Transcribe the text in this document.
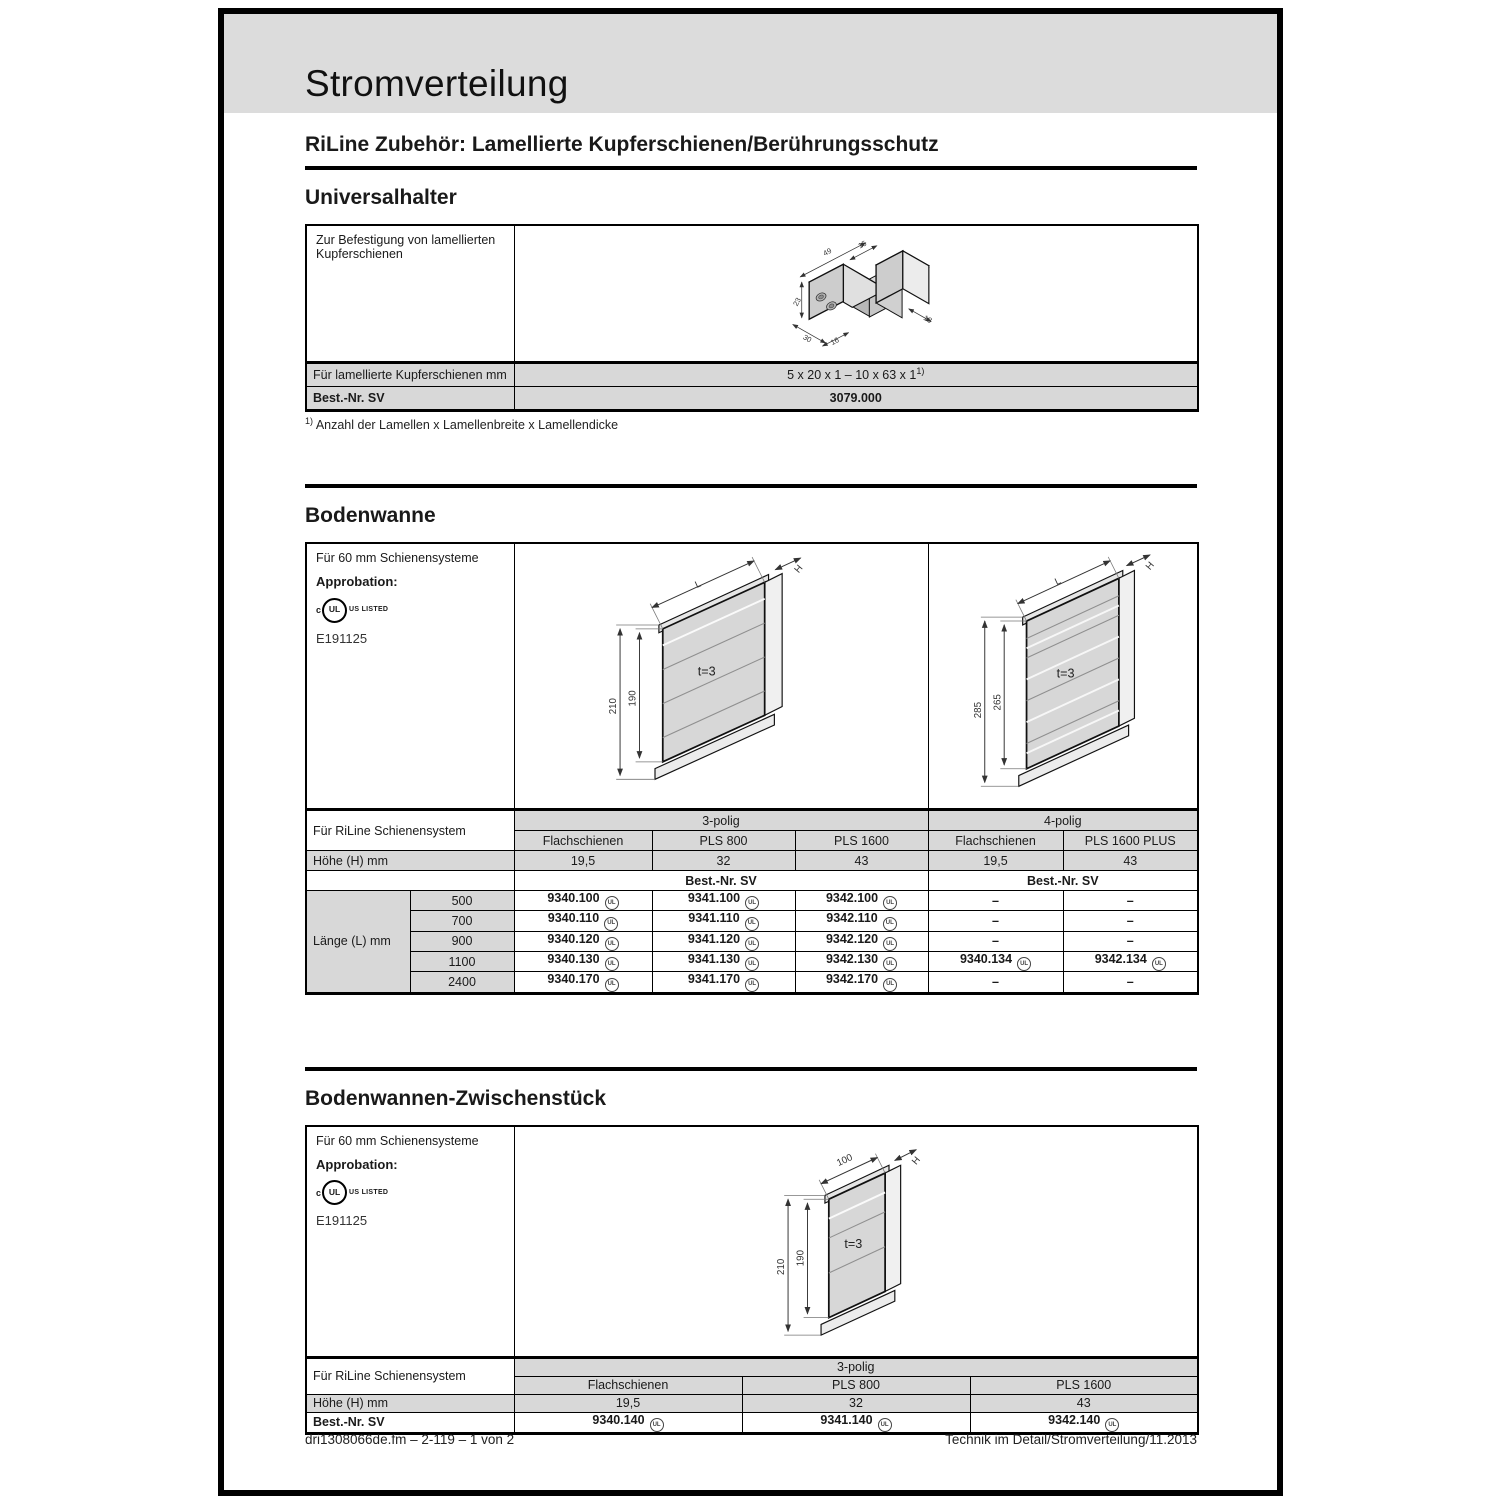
Stromverteilung
RiLine Zubehör: Lamellierte Kupferschienen/Berührungsschutz
Universalhalter
Zur Befestigung von lamellierten Kupferschienen	49
15
23
18
30 16

Für lamellierte Kupferschienen mm	5 x 20 x 1 – 10 x 63 x 1$^{1)}$
Best.-Nr. SV	3079.000
$^{1)}$ Anzahl der Lamellen x Lamellenbreite x Lamellendicke
Bodenwanne
Für 60 mm Schienensysteme
Approbation:
c UL	US LISTED
E191125

t=3
L
H
210 190

t=3
L
H
285 265

Für RiLine Schienensystem		3-polig			4-polig	
		Flachschienen	PLS 800	PLS 1600	Flachschienen	PLS 1600 PLUS
Höhe (H) mm		19,5	32	43	19,5	43
		Best.-Nr. SV			Best.-Nr. SV	
Länge (L) mm	500	9340.100 UL	9341.100 UL	9342.100 UL	–	–
	700	9340.110 UL	9341.110 UL	9342.110 UL	–	–
	900	9340.120 UL	9341.120 UL	9342.120 UL	–	–
	1100	9340.130 UL	9341.130 UL	9342.130 UL	9340.134 UL	9342.134 UL
	2400	9340.170 UL	9341.170 UL	9342.170 UL	–	–
Bodenwannen-Zwischenstück
Für 60 mm Schienensysteme
Approbation:
c UL	US LISTED
E191125

t=3
100	H
210
190

Für RiLine Schienensystem	3-polig		
	Flachschienen	PLS 800	PLS 1600
Höhe (H) mm	19,5	32	43
Best.-Nr. SV	9340.140 UL	9341.140 UL	9342.140 UL
dri1308066de.fm – 2-119 – 1 von 2	Technik im Detail/Stromverteilung/11.2013
